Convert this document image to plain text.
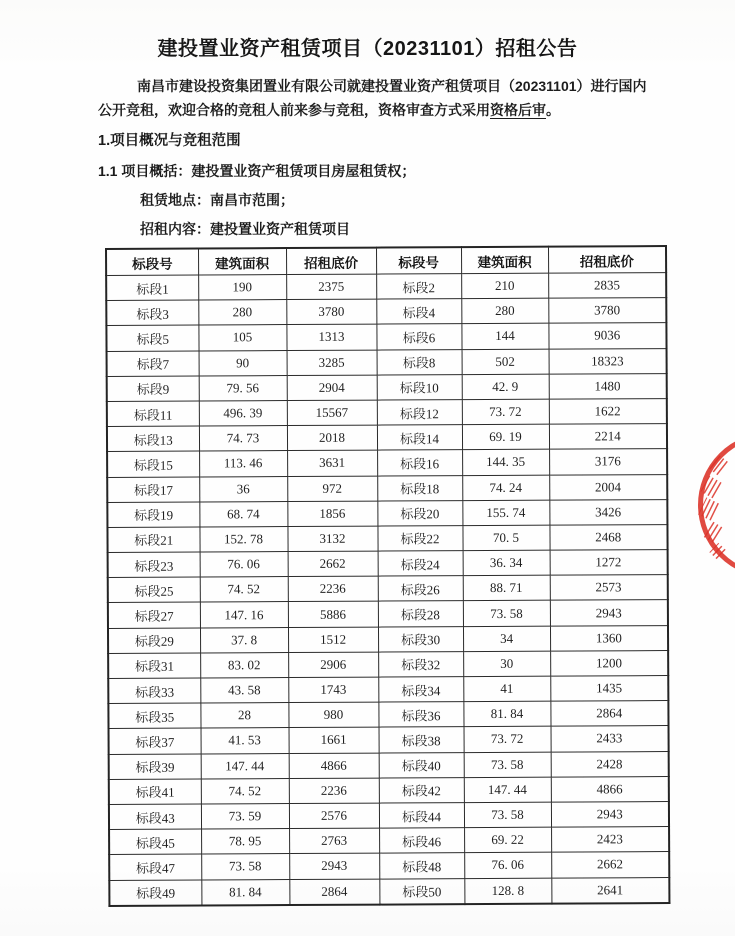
建投置业资产租赁项目（20231101）招租公告

南昌市建设投资集团置业有限公司就建投置业资产租赁项目（20231101）进行国内
公开竞租，欢迎合格的竞租人前来参与竞租，资格审查方式采用资格后审。

1.项目概况与竞租范围
1.1 项目概括：建投置业资产租赁项目房屋租赁权；
租赁地点：南昌市范围；
招租内容：建投置业资产租赁项目
标段号	建筑面积	招租底价	标段号	建筑面积	招租底价
标段1	190	2375	标段2	210	2835
标段3	280	3780	标段4	280	3780
标段5	105	1313	标段6	144	9036
标段7	90	3285	标段8	502	18323
标段9	79. 56	2904	标段10	42. 9	1480
标段11	496. 39	15567	标段12	73. 72	1622
标段13	74. 73	2018	标段14	69. 19	2214
标段15	113. 46	3631	标段16	144. 35	3176
标段17	36	972	标段18	74. 24	2004
标段19	68. 74	1856	标段20	155. 74	3426
标段21	152. 78	3132	标段22	70. 5	2468
标段23	76. 06	2662	标段24	36. 34	1272
标段25	74. 52	2236	标段26	88. 71	2573
标段27	147. 16	5886	标段28	73. 58	2943
标段29	37. 8	1512	标段30	34	1360
标段31	83. 02	2906	标段32	30	1200
标段33	43. 58	1743	标段34	41	1435
标段35	28	980	标段36	81. 84	2864
标段37	41. 53	1661	标段38	73. 72	2433
标段39	147. 44	4866	标段40	73. 58	2428
标段41	74. 52	2236	标段42	147. 44	4866
标段43	73. 59	2576	标段44	73. 58	2943
标段45	78. 95	2763	标段46	69. 22	2423
标段47	73. 58	2943	标段48	76. 06	2662
标段49	81. 84	2864	标段50	128. 8	2641
